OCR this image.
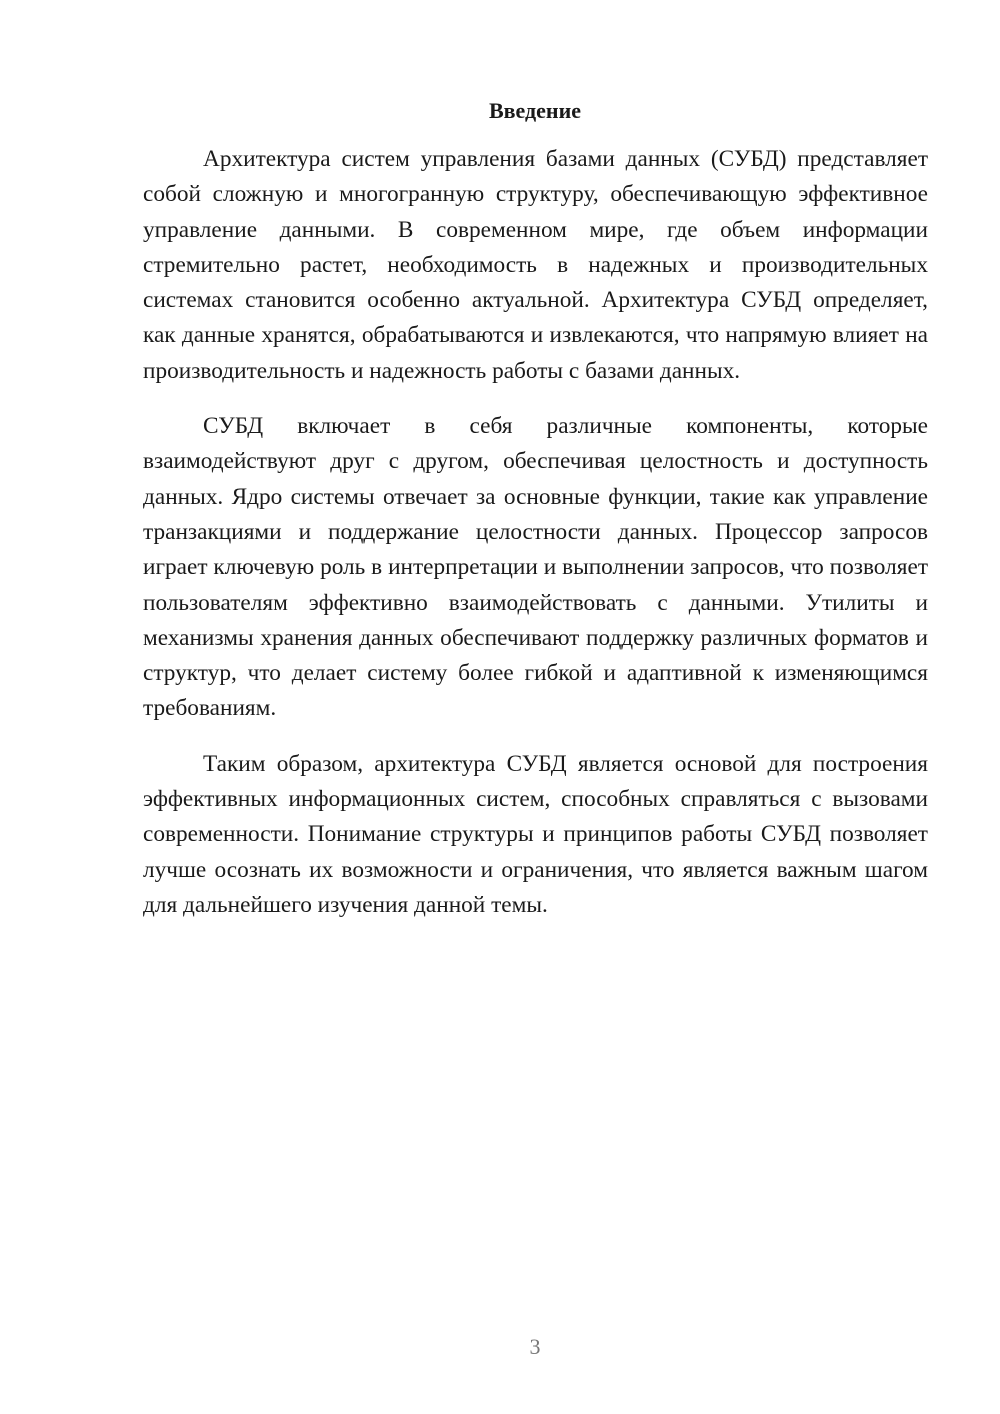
Введение

Архитектура систем управления базами данных (СУБД) представляет собой сложную и многогранную структуру, обеспечивающую эффективное управление данными. В современном мире, где объем информации стремительно растет, необходимость в надежных и производительных системах становится особенно актуальной. Архитектура СУБД определяет, как данные хранятся, обрабатываются и извлекаются, что напрямую влияет на производительность и надежность работы с базами данных.

СУБД включает в себя различные компоненты, которые взаимодействуют друг с другом, обеспечивая целостность и доступность данных. Ядро системы отвечает за основные функции, такие как управление транзакциями и поддержание целостности данных. Процессор запросов играет ключевую роль в интерпретации и выполнении запросов, что позволяет пользователям эффективно взаимодействовать с данными. Утилиты и механизмы хранения данных обеспечивают поддержку различных форматов и структур, что делает систему более гибкой и адаптивной к изменяющимся требованиям.

Таким образом, архитектура СУБД является основой для построения эффективных информационных систем, способных справляться с вызовами современности. Понимание структуры и принципов работы СУБД позволяет лучше осознать их возможности и ограничения, что является важным шагом для дальнейшего изучения данной темы.

3
